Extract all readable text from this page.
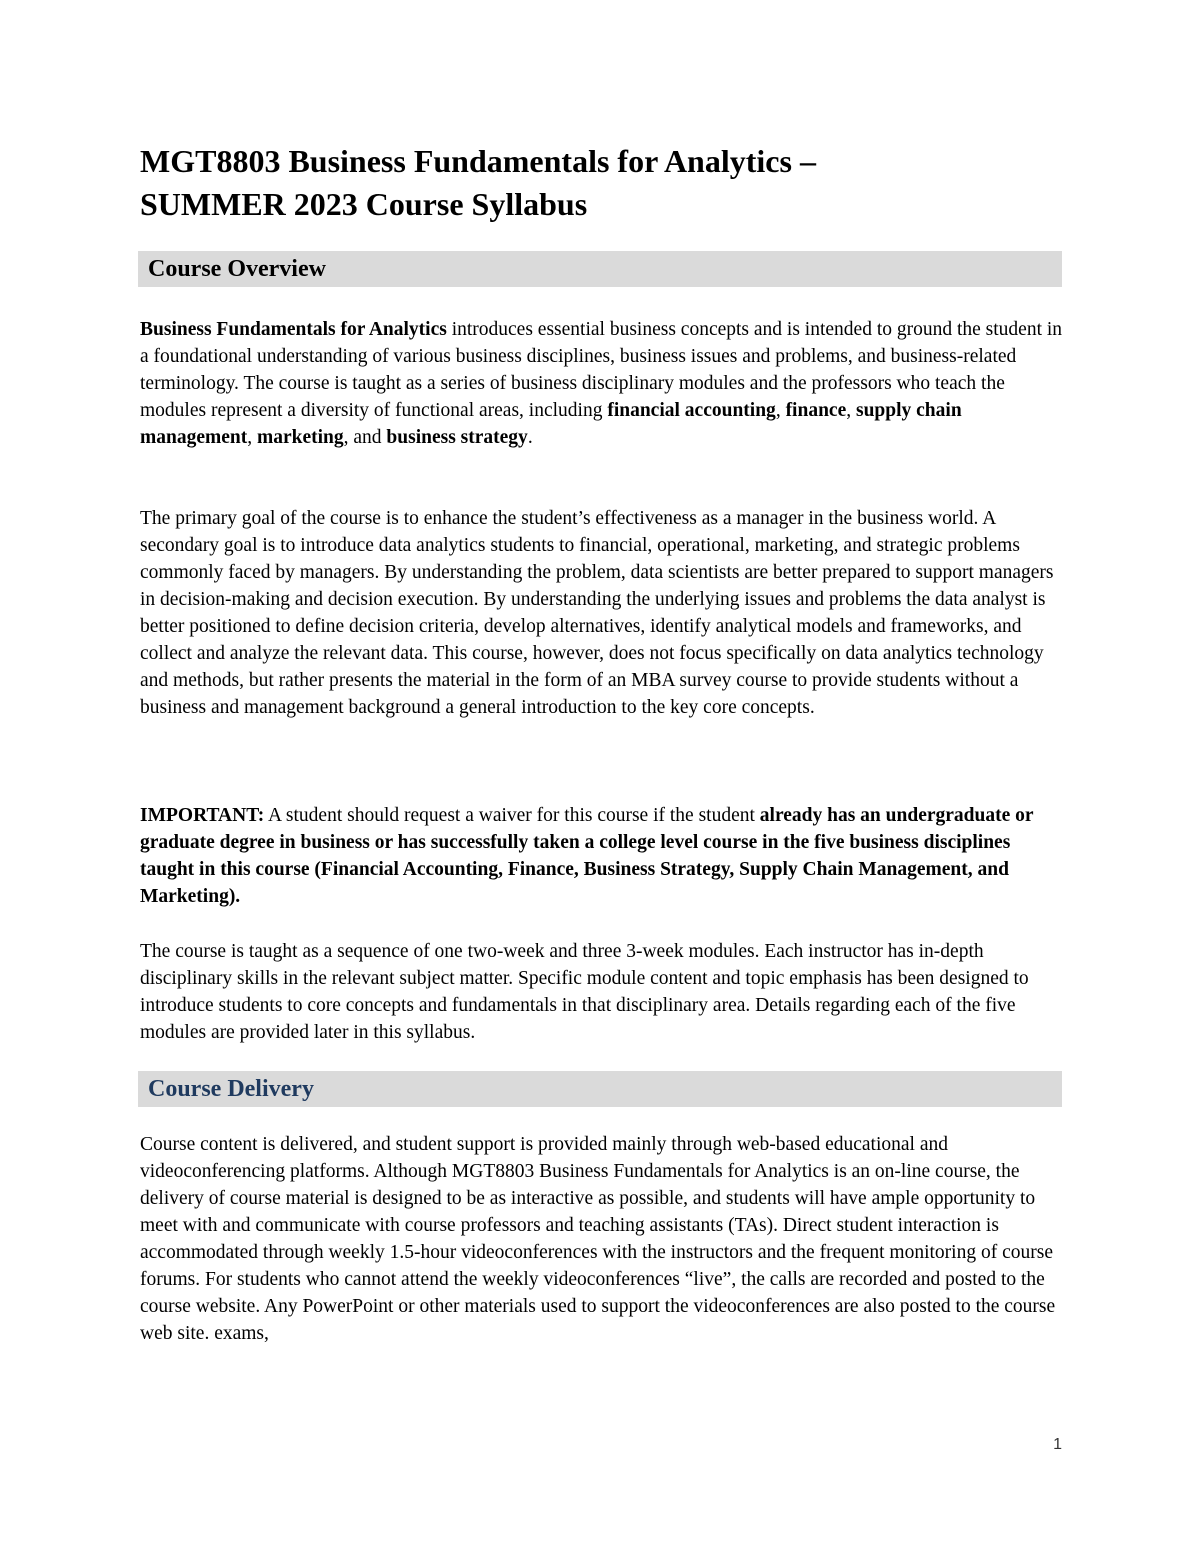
MGT8803 Business Fundamentals for Analytics –
SUMMER 2023 Course Syllabus
Course Overview

Business Fundamentals for Analytics introduces essential business concepts and is intended to ground the student in a foundational understanding of various business disciplines, business issues and problems, and business-related terminology. The course is taught as a series of business disciplinary modules and the professors who teach the modules represent a diversity of functional areas, including financial accounting, finance, supply chain management, marketing, and business strategy.

The primary goal of the course is to enhance the student’s effectiveness as a manager in the business world. A secondary goal is to introduce data analytics students to financial, operational, marketing, and strategic problems commonly faced by managers. By understanding the problem, data scientists are better prepared to support managers in decision-making and decision execution. By understanding the underlying issues and problems the data analyst is better positioned to define decision criteria, develop alternatives, identify analytical models and frameworks, and collect and analyze the relevant data. This course, however, does not focus specifically on data analytics technology and methods, but rather presents the material in the form of an MBA survey course to provide students without a business and management background a general introduction to the key core concepts.

IMPORTANT: A student should request a waiver for this course if the student already has an undergraduate or graduate degree in business or has successfully taken a college level course in the five business disciplines taught in this course (Financial Accounting, Finance, Business Strategy, Supply Chain Management, and Marketing).

The course is taught as a sequence of one two-week and three 3-week modules. Each instructor has in-depth disciplinary skills in the relevant subject matter. Specific module content and topic emphasis has been designed to introduce students to core concepts and fundamentals in that disciplinary area. Details regarding each of the five modules are provided later in this syllabus.

Course Delivery

Course content is delivered, and student support is provided mainly through web-based educational and videoconferencing platforms. Although MGT8803 Business Fundamentals for Analytics is an on-line course, the delivery of course material is designed to be as interactive as possible, and students will have ample opportunity to meet with and communicate with course professors and teaching assistants (TAs). Direct student interaction is accommodated through weekly 1.5-hour videoconferences with the instructors and the frequent monitoring of course forums. For students who cannot attend the weekly videoconferences “live”, the calls are recorded and posted to the course website. Any PowerPoint or other materials used to support the videoconferences are also posted to the course web site. exams,

1
